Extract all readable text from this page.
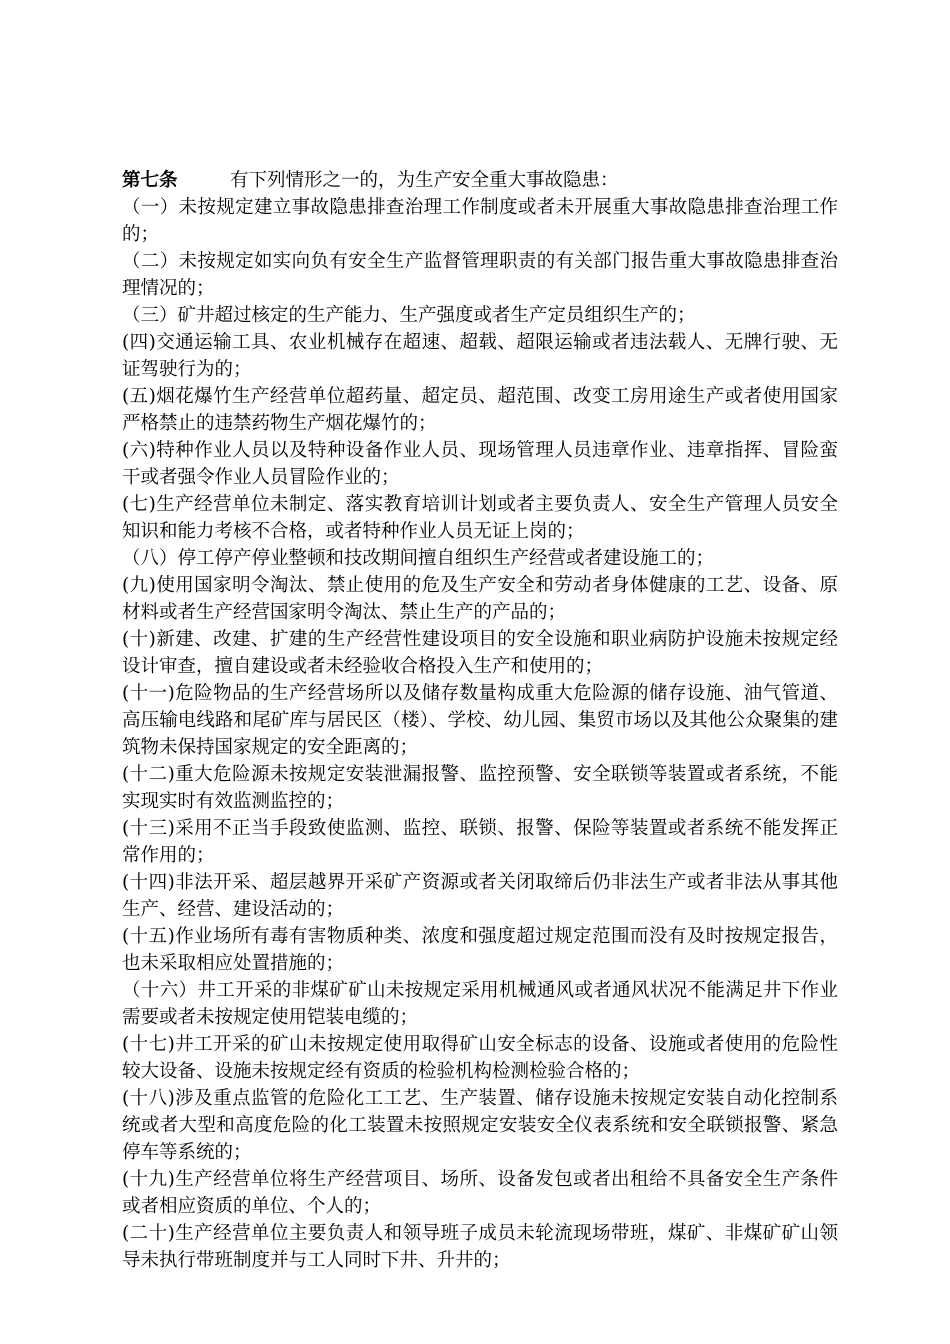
第七条	有下列情形之一的，为生产安全重大事故隐患：

（一）未按规定建立事故隐患排查治理工作制度或者未开展重大事故隐患排查治理工作的；

（二）未按规定如实向负有安全生产监督管理职责的有关部门报告重大事故隐患排查治理情况的；

（三）矿井超过核定的生产能力、生产强度或者生产定员组织生产的；

(四)交通运输工具、农业机械存在超速、超载、超限运输或者违法载人、无牌行驶、无证驾驶行为的；

(五)烟花爆竹生产经营单位超药量、超定员、超范围、改变工房用途生产或者使用国家严格禁止的违禁药物生产烟花爆竹的；

(六)特种作业人员以及特种设备作业人员、现场管理人员违章作业、违章指挥、冒险蛮干或者强令作业人员冒险作业的；

(七)生产经营单位未制定、落实教育培训计划或者主要负责人、安全生产管理人员安全知识和能力考核不合格，或者特种作业人员无证上岗的；

（八）停工停产停业整顿和技改期间擅自组织生产经营或者建设施工的；

(九)使用国家明令淘汰、禁止使用的危及生产安全和劳动者身体健康的工艺、设备、原材料或者生产经营国家明令淘汰、禁止生产的产品的；

(十)新建、改建、扩建的生产经营性建设项目的安全设施和职业病防护设施未按规定经设计审查，擅自建设或者未经验收合格投入生产和使用的；

(十一)危险物品的生产经营场所以及储存数量构成重大危险源的储存设施、油气管道、高压输电线路和尾矿库与居民区（楼）、学校、幼儿园、集贸市场以及其他公众聚集的建筑物未保持国家规定的安全距离的；

(十二)重大危险源未按规定安装泄漏报警、监控预警、安全联锁等装置或者系统，不能实现实时有效监测监控的；

(十三)采用不正当手段致使监测、监控、联锁、报警、保险等装置或者系统不能发挥正常作用的；

(十四)非法开采、超层越界开采矿产资源或者关闭取缔后仍非法生产或者非法从事其他生产、经营、建设活动的；

(十五)作业场所有毒有害物质种类、浓度和强度超过规定范围而没有及时按规定报告，也未采取相应处置措施的；

（十六）井工开采的非煤矿矿山未按规定采用机械通风或者通风状况不能满足井下作业需要或者未按规定使用铠装电缆的；

(十七)井工开采的矿山未按规定使用取得矿山安全标志的设备、设施或者使用的危险性较大设备、设施未按规定经有资质的检验机构检测检验合格的；

(十八)涉及重点监管的危险化工工艺、生产装置、储存设施未按规定安装自动化控制系统或者大型和高度危险的化工装置未按照规定安装安全仪表系统和安全联锁报警、紧急停车等系统的；

(十九)生产经营单位将生产经营项目、场所、设备发包或者出租给不具备安全生产条件或者相应资质的单位、个人的；

(二十)生产经营单位主要负责人和领导班子成员未轮流现场带班，煤矿、非煤矿矿山领导未执行带班制度并与工人同时下井、升井的；
